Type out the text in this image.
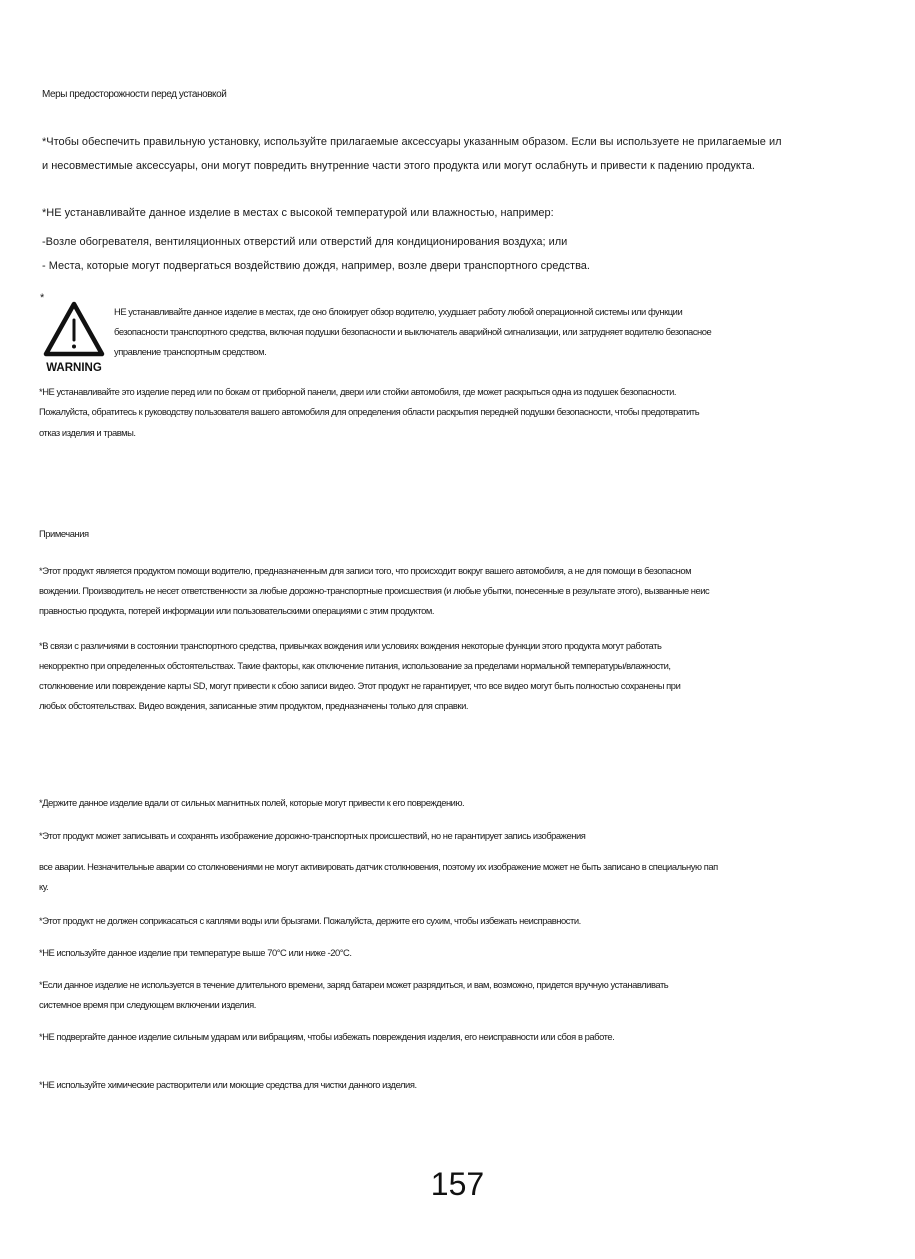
Меры предосторожности перед установкой

*Чтобы обеспечить правильную установку, используйте прилагаемые аксессуары указанным образом. Если вы используете не прилагаемые ил

и несовместимые аксессуары, они могут повредить внутренние части этого продукта или могут ослабнуть и привести к падению продукта.

*НЕ устанавливайте данное изделие в местах с высокой температурой или влажностью, например:

-Возле обогревателя, вентиляционных отверстий или отверстий для кондиционирования воздуха; или

- Места, которые могут подвергаться воздействию дождя, например, возле двери транспортного средства.

*
WARNING

НЕ устанавливайте данное изделие в местах, где оно блокирует обзор водителю, ухудшает работу любой операционной системы или функции

безопасности транспортного средства, включая подушки безопасности и выключатель аварийной сигнализации, или затрудняет водителю безопасное

управление транспортным средством.

*НЕ устанавливайте это изделие перед или по бокам от приборной панели, двери или стойки автомобиля, где может раскрыться одна из подушек безопасности.

Пожалуйста, обратитесь к руководству пользователя вашего автомобиля для определения области раскрытия передней подушки безопасности, чтобы предотвратить

отказ изделия и травмы.

Примечания

*Этот продукт является продуктом помощи водителю, предназначенным для записи того, что происходит вокруг вашего автомобиля, а не для помощи в безопасном

вождении. Производитель не несет ответственности за любые дорожно-транспортные происшествия (и любые убытки, понесенные в результате этого), вызванные неис

правностью продукта, потерей информации или пользовательскими операциями с этим продуктом.

*В связи с различиями в состоянии транспортного средства, привычках вождения или условиях вождения некоторые функции этого продукта могут работать

некорректно при определенных обстоятельствах. Такие факторы, как отключение питания, использование за пределами нормальной температуры/влажности,

столкновение или повреждение карты SD, могут привести к сбою записи видео. Этот продукт не гарантирует, что все видео могут быть полностью сохранены при

любых обстоятельствах. Видео вождения, записанные этим продуктом, предназначены только для справки.

*Держите данное изделие вдали от сильных магнитных полей, которые могут привести к его повреждению.

*Этот продукт может записывать и сохранять изображение дорожно-транспортных происшествий, но не гарантирует запись изображения

все аварии. Незначительные аварии со столкновениями не могут активировать датчик столкновения, поэтому их изображение может не быть записано в специальную пап

ку.

*Этот продукт не должен соприкасаться с каплями воды или брызгами. Пожалуйста, держите его сухим, чтобы избежать неисправности.

*НЕ используйте данное изделие при температуре выше 70°C или ниже -20°C.

*Если данное изделие не используется в течение длительного времени, заряд батареи может разрядиться, и вам, возможно, придется вручную устанавливать

системное время при следующем включении изделия.

*НЕ подвергайте данное изделие сильным ударам или вибрациям, чтобы избежать повреждения изделия, его неисправности или сбоя в работе.

*НЕ используйте химические растворители или моющие средства для чистки данного изделия.

157
